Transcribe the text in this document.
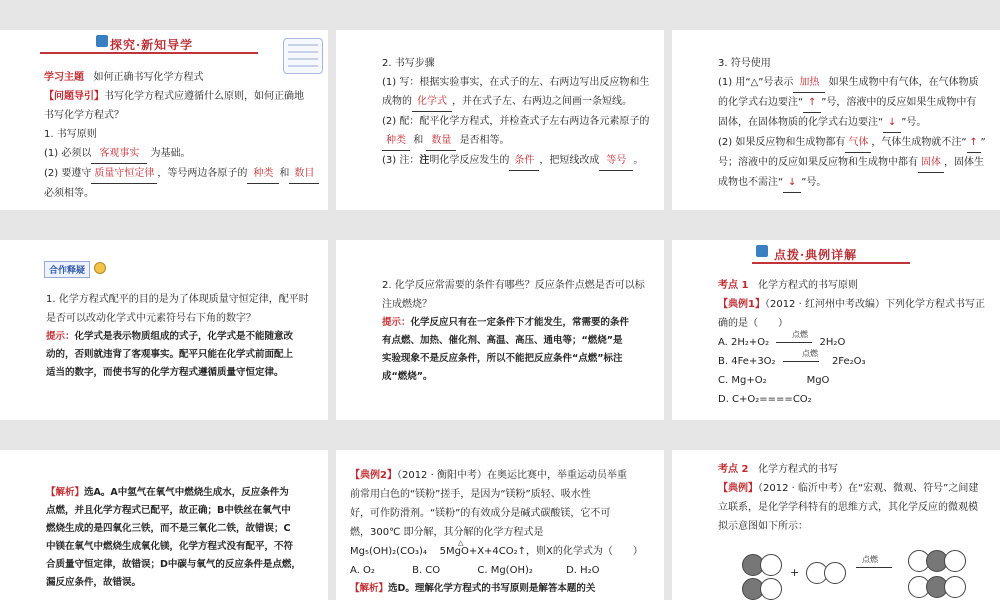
探究·新知导学
学习主题 如何正确书写化学方程式
【问题导引】书写化学方程式应遵循什么原则，如何正确地
书写化学方程式？
1. 书写原则
(1) 必须以 客观事实 为基础。
(2) 要遵守 质量守恒定律 ，等号两边各原子的 种类 和 数目
必须相等。
2. 书写步骤
(1) 写：根据实验事实，在式子的左、右两边写出反应物和生
成物的 化学式 ，并在式子左、右两边之间画一条短线。
(2) 配：配平化学方程式，并检查式子左右两边各元素原子的
种类 和 数量 是否相等。
(3) 注：注明化学反应发生的 条件 ，把短线改成 等号 。
3. 符号使用
(1) 用“△”号表示 加热 如果生成物中有气体，在气体物质
的化学式右边要注“ ↑ ”号，溶液中的反应如果生成物中有
固体，在固体物质的化学式右边要注“ ↓ ”号。
(2) 如果反应物和生成物都有 气体 ，气体生成物就不注“ ↑ ”
号；溶液中的反应如果反应物和生成物中都有 固体 ，固体生
成物也不需注“ ↓ ”号。
合作释疑
1. 化学方程式配平的目的是为了体现质量守恒定律，配平时
是否可以改动化学式中元素符号右下角的数字？
提示：化学式是表示物质组成的式子，化学式是不能随意改
动的，否则就违背了客观事实。配平只能在化学式前面配上
适当的数字，而使书写的化学方程式遵循质量守恒定律。
2. 化学反应常需要的条件有哪些？反应条件点燃是否可以标
注成燃烧？
提示：化学反应只有在一定条件下才能发生，常需要的条件
有点燃、加热、催化剂、高温、高压、通电等；“燃烧”是
实验现象不是反应条件，所以不能把反应条件“点燃”标注
成“燃烧”。
点拨·典例详解
考点 1 化学方程式的书写原则
【典例1】（2012 · 红河州中考改编）下列化学方程式书写正
确的是（　　）
A. 2H₂+O₂
点燃
2H₂O
B. 4Fe+3O₂
点燃
2Fe₂O₃
C. Mg+O₂	MgO
D. C+O₂====CO₂
【解析】选A。A中氢气在氧气中燃烧生成水，反应条件为
点燃，并且化学方程式已配平，故正确；B中铁丝在氧气中
燃烧生成的是四氧化三铁，而不是三氧化二铁，故错误；C
中镁在氧气中燃烧生成氧化镁，化学方程式没有配平，不符
合质量守恒定律，故错误；D中碳与氧气的反应条件是点燃，
漏反应条件，故错误。
【典例2】（2012 · 衡阳中考）在奥运比赛中，举重运动员举重
前常用白色的“镁粉”搓手，是因为“镁粉”质轻、吸水性
好，可作防滑剂。“镁粉”的有效成分是碱式碳酸镁，它不可
燃，300℃ 即分解，其分解的化学方程式是
Mg₅(OH)₂(CO₃)₄
△
5MgO+X+4CO₂↑，则X的化学式为（　　）
A. O₂	B. CO	C. Mg(OH)₂	D. H₂O
【解析】选D。理解化学方程式的书写原则是解答本题的关
考点 2 化学方程式的书写
【典例】（2012 · 临沂中考）在“宏观、微观、符号”之间建
立联系，是化学学科特有的思维方式，其化学反应的微观模
拟示意图如下所示：
+
点燃
